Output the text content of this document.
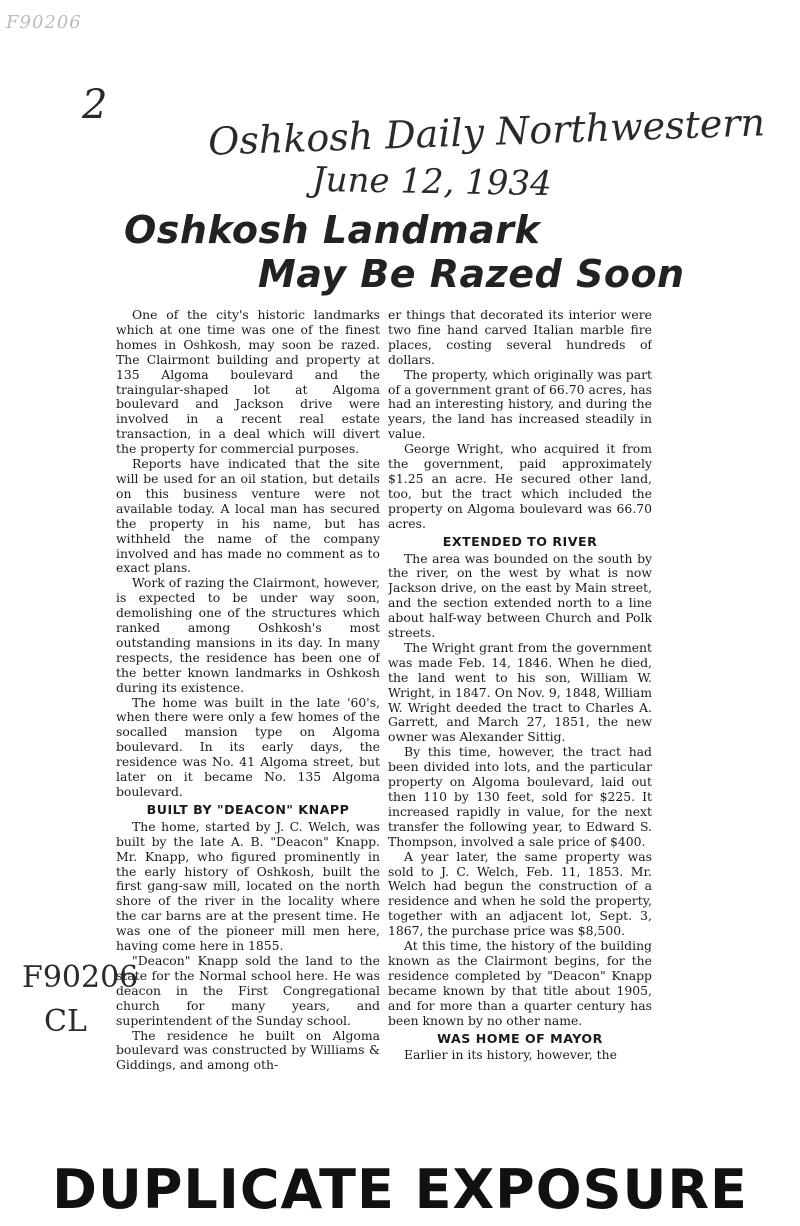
F90206
2	Oshkosh Daily Northwestern
June 12, 1934
Oshkosh Landmark
May Be Razed Soon

One of the city's historic landmarks which at one time was one of the finest homes in Oshkosh, may soon be razed. The Clairmont building and property at 135 Algoma boulevard and the traingular-shaped lot at Algoma boulevard and Jackson drive were involved in a recent real estate transaction, in a deal which will divert the property for commercial purposes.

Reports have indicated that the site will be used for an oil station, but details on this business venture were not available today. A local man has secured the property in his name, but has withheld the name of the company involved and has made no comment as to exact plans.

Work of razing the Clairmont, however, is expected to be under way soon, demolishing one of the structures which ranked among Oshkosh's most outstanding mansions in its day. In many respects, the residence has been one of the better known landmarks in Oshkosh during its existence.

The home was built in the late '60's, when there were only a few homes of the socalled mansion type on Algoma boulevard. In its early days, the residence was No. 41 Algoma street, but later on it became No. 135 Algoma boulevard.

BUILT BY "DEACON" KNAPP

The home, started by J. C. Welch, was built by the late A. B. "Deacon" Knapp. Mr. Knapp, who figured prominently in the early history of Oshkosh, built the first gang-saw mill, located on the north shore of the river in the locality where the car barns are at the present time. He was one of the pioneer mill men here, having come here in 1855.

"Deacon" Knapp sold the land to the state for the Normal school here. He was deacon in the First Congregational church for many years, and superintendent of the Sunday school.

The residence he built on Algoma boulevard was constructed by Williams & Giddings, and among oth-

er things that decorated its interior were two fine hand carved Italian marble fire places, costing several hundreds of dollars.

The property, which originally was part of a government grant of 66.70 acres, has had an interesting history, and during the years, the land has increased steadily in value.

George Wright, who acquired it from the government, paid approximately $1.25 an acre. He secured other land, too, but the tract which included the property on Algoma boulevard was 66.70 acres.

EXTENDED TO RIVER

The area was bounded on the south by the river, on the west by what is now Jackson drive, on the east by Main street, and the section extended north to a line about half-way between Church and Polk streets.

The Wright grant from the government was made Feb. 14, 1846. When he died, the land went to his son, William W. Wright, in 1847. On Nov. 9, 1848, William W. Wright deeded the tract to Charles A. Garrett, and March 27, 1851, the new owner was Alexander Sittig.

By this time, however, the tract had been divided into lots, and the particular property on Algoma boulevard, laid out then 110 by 130 feet, sold for $225. It increased rapidly in value, for the next transfer the following year, to Edward S. Thompson, involved a sale price of $400.

A year later, the same property was sold to J. C. Welch, Feb. 11, 1853. Mr. Welch had begun the construction of a residence and when he sold the property, together with an adjacent lot, Sept. 3, 1867, the purchase price was $8,500.

At this time, the history of the building known as the Clairmont begins, for the residence completed by "Deacon" Knapp became known by that title about 1905, and for more than a quarter century has been known by no other name.

WAS HOME OF MAYOR

Earlier in its history, however, the

F90206
CL
DUPLICATE EXPOSURE
